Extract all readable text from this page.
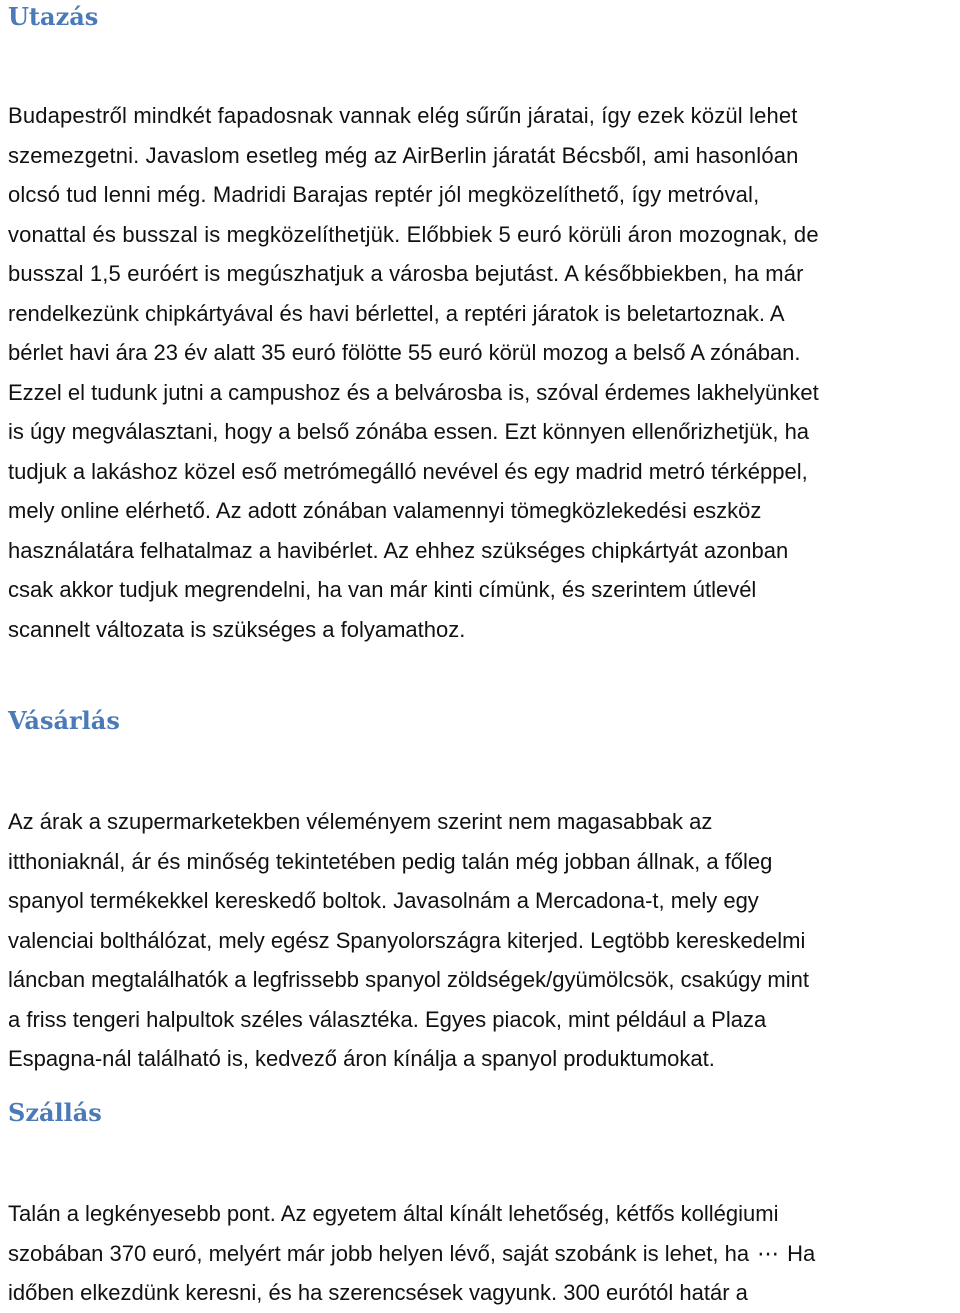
Utazás
Budapestről mindkét fapadosnak vannak elég sűrűn járatai, így ezek közül lehet
szemezgetni. Javaslom esetleg még az AirBerlin járatát Bécsből, ami hasonlóan
olcsó tud lenni még. Madridi Barajas reptér jól megközelíthető, így metróval,
vonattal és busszal is megközelíthetjük. Előbbiek 5 euró körüli áron mozognak, de
busszal 1,5 euróért is megúszhatjuk a városba bejutást. A későbbiekben, ha már
rendelkezünk chipkártyával és havi bérlettel, a reptéri járatok is beletartoznak. A
bérlet havi ára 23 év alatt 35 euró fölötte 55 euró körül mozog a belső A zónában.
Ezzel el tudunk jutni a campushoz és a belvárosba is, szóval érdemes lakhelyünket
is úgy megválasztani, hogy a belső zónába essen. Ezt könnyen ellenőrizhetjük, ha
tudjuk a lakáshoz közel eső metrómegálló nevével és egy madrid metró térképpel,
mely online elérhető. Az adott zónában valamennyi tömegközlekedési eszköz
használatára felhatalmaz a havibérlet. Az ehhez szükséges chipkártyát azonban
csak akkor tudjuk megrendelni, ha van már kinti címünk, és szerintem útlevél
scannelt változata is szükséges a folyamathoz.
Vásárlás
Az árak a szupermarketekben véleményem szerint nem magasabbak az
itthoniaknál, ár és minőség tekintetében pedig talán még jobban állnak, a főleg
spanyol termékekkel kereskedő boltok. Javasolnám a Mercadona-t, mely egy
valenciai bolthálózat, mely egész Spanyolországra kiterjed. Legtöbb kereskedelmi
láncban megtalálhatók a legfrissebb spanyol zöldségek/gyümölcsök, csakúgy mint
a friss tengeri halpultok széles választéka. Egyes piacok, mint például a Plaza
Espagna-nál található is, kedvező áron kínálja a spanyol produktumokat.
Szállás
Talán a legkényesebb pont. Az egyetem által kínált lehetőség, kétfős kollégiumi
szobában 370 euró, melyért már jobb helyen lévő, saját szobánk is lehet, ha ⋯ Ha
időben elkezdünk keresni, és ha szerencsések vagyunk. 300 eurótól határ a
